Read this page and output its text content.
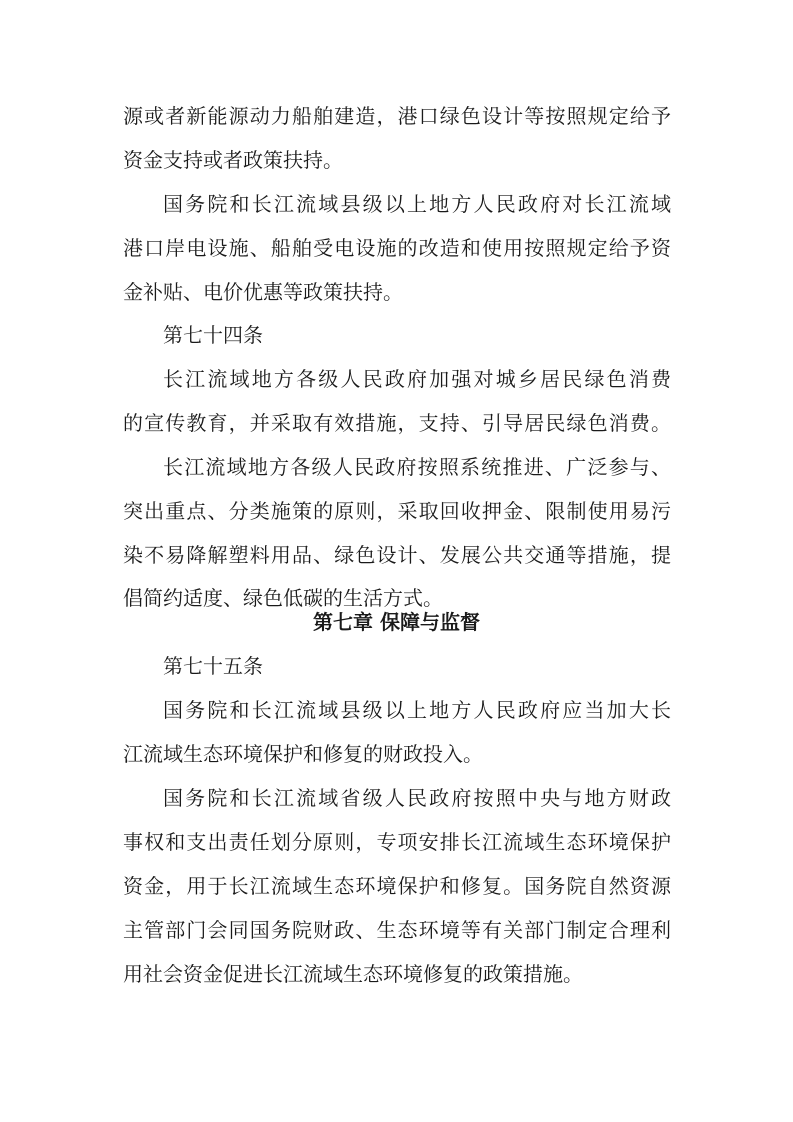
源或者新能源动力船舶建造，港口绿色设计等按照规定给予
资金支持或者政策扶持。
国务院和长江流域县级以上地方人民政府对长江流域
港口岸电设施、船舶受电设施的改造和使用按照规定给予资
金补贴、电价优惠等政策扶持。
第七十四条
长江流域地方各级人民政府加强对城乡居民绿色消费
的宣传教育，并采取有效措施，支持、引导居民绿色消费。
长江流域地方各级人民政府按照系统推进、广泛参与、
突出重点、分类施策的原则，采取回收押金、限制使用易污
染不易降解塑料用品、绿色设计、发展公共交通等措施，提
倡简约适度、绿色低碳的生活方式。
第七章 保障与监督
第七十五条
国务院和长江流域县级以上地方人民政府应当加大长
江流域生态环境保护和修复的财政投入。
国务院和长江流域省级人民政府按照中央与地方财政
事权和支出责任划分原则，专项安排长江流域生态环境保护
资金，用于长江流域生态环境保护和修复。国务院自然资源
主管部门会同国务院财政、生态环境等有关部门制定合理利
用社会资金促进长江流域生态环境修复的政策措施。
